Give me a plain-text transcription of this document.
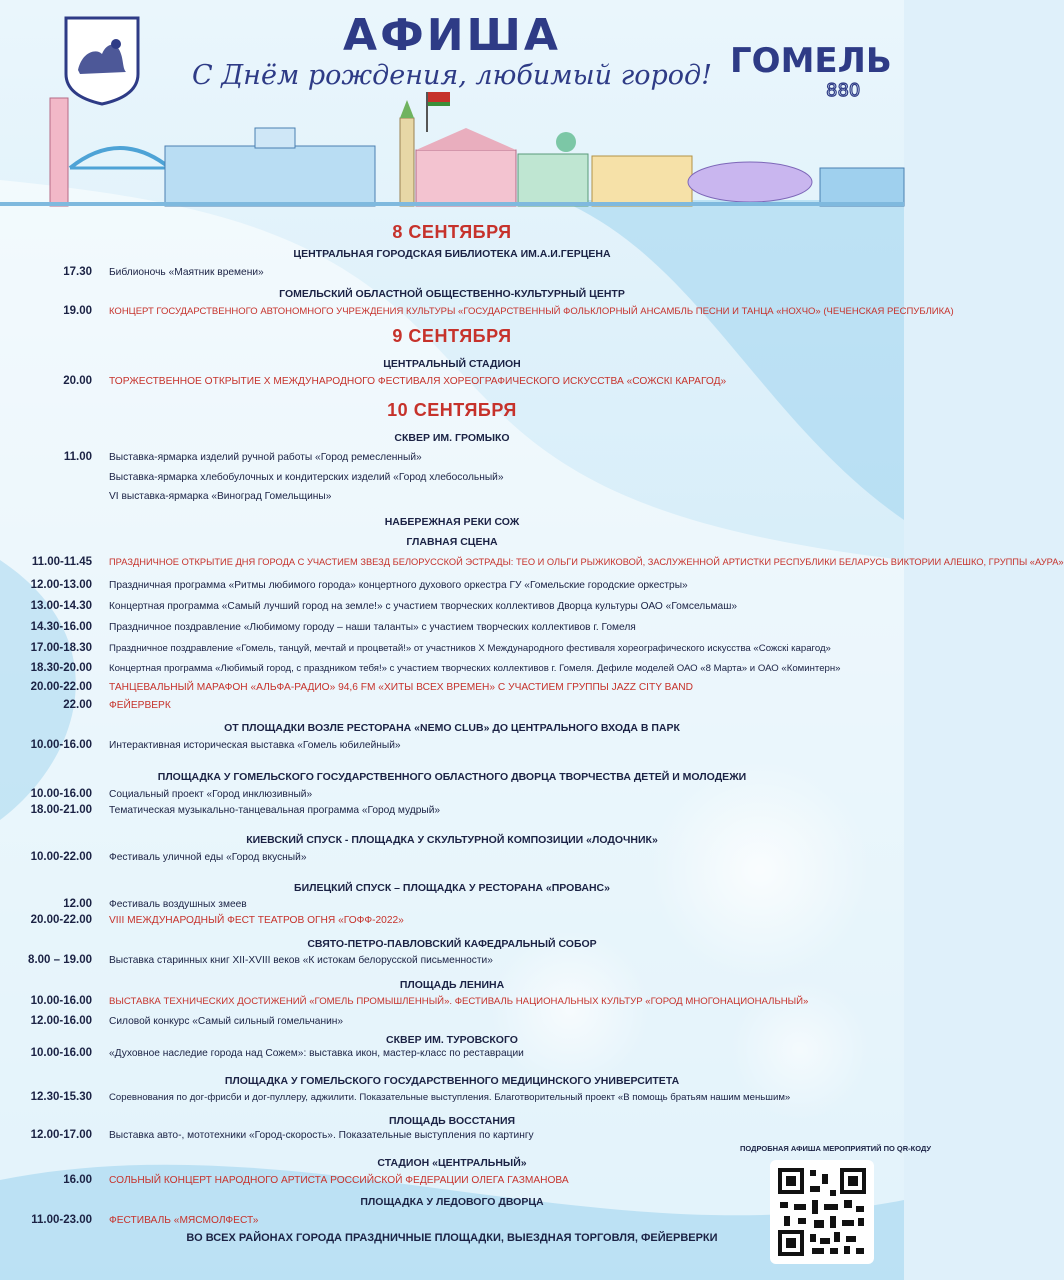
АФИША
С Днём рождения, любимый город! ГОМЕЛЬ
880
8 СЕНТЯБРЯ
ЦЕНТРАЛЬНАЯ ГОРОДСКАЯ БИБЛИОТЕКА ИМ.А.И.ГЕРЦЕНА
17.30 Библионочь «Маятник времени»
ГОМЕЛЬСКИЙ ОБЛАСТНОЙ ОБЩЕСТВЕННО-КУЛЬТУРНЫЙ ЦЕНТР
19.00 КОНЦЕРТ ГОСУДАРСТВЕННОГО АВТОНОМНОГО УЧРЕЖДЕНИЯ КУЛЬТУРЫ «ГОСУДАРСТВЕННЫЙ ФОЛЬКЛОРНЫЙ АНСАМБЛЬ ПЕСНИ И ТАНЦА «НОХЧО» (ЧЕЧЕНСКАЯ РЕСПУБЛИКА)
9 СЕНТЯБРЯ
ЦЕНТРАЛЬНЫЙ СТАДИОН
20.00 ТОРЖЕСТВЕННОЕ ОТКРЫТИЕ Х МЕЖДУНАРОДНОГО ФЕСТИВАЛЯ ХОРЕОГРАФИЧЕСКОГО ИСКУССТВА «СОЖСКІ КАРАГОД»
10 СЕНТЯБРЯ
СКВЕР ИМ. ГРОМЫКО
11.00 Выставка-ярмарка изделий ручной работы «Город ремесленный»
Выставка-ярмарка хлебобулочных и кондитерских изделий «Город хлебосольный»
VI выставка-ярмарка «Виноград Гомельщины»
НАБЕРЕЖНАЯ РЕКИ СОЖ
ГЛАВНАЯ СЦЕНА
11.00-11.45 ПРАЗДНИЧНОЕ ОТКРЫТИЕ ДНЯ ГОРОДА С УЧАСТИЕМ ЗВЕЗД БЕЛОРУССКОЙ ЭСТРАДЫ: ТЕО И ОЛЬГИ РЫЖИКОВОЙ, ЗАСЛУЖЕННОЙ АРТИСТКИ РЕСПУБЛИКИ БЕЛАРУСЬ ВИКТОРИИ АЛЕШКО, ГРУППЫ «АУРА»
12.00-13.00 Праздничная программа «Ритмы любимого города» концертного духового оркестра ГУ «Гомельские городские оркестры»
13.00-14.30 Концертная программа «Самый лучший город на земле!» с участием творческих коллективов Дворца культуры ОАО «Гомсельмаш»
14.30-16.00 Праздничное поздравление «Любимому городу – наши таланты» с участием творческих коллективов г. Гомеля
17.00-18.30 Праздничное поздравление «Гомель, танцуй, мечтай и процветай!» от участников X Международного фестиваля хореографического искусства «Сожскі карагод»
18.30-20.00 Концертная программа «Любимый город, с праздником тебя!» с участием творческих коллективов г. Гомеля. Дефиле моделей ОАО «8 Марта» и ОАО «Коминтерн»
20.00-22.00 ТАНЦЕВАЛЬНЫЙ МАРАФОН «АЛЬФА-РАДИО» 94,6 FM «ХИТЫ ВСЕХ ВРЕМЕН» С УЧАСТИЕМ ГРУППЫ JAZZ CITY BAND
22.00 ФЕЙЕРВЕРК
ОТ ПЛОЩАДКИ ВОЗЛЕ РЕСТОРАНА «NEMO CLUB» ДО ЦЕНТРАЛЬНОГО ВХОДА В ПАРК
10.00-16.00 Интерактивная историческая выставка «Гомель юбилейный»
ПЛОЩАДКА У ГОМЕЛЬСКОГО ГОСУДАРСТВЕННОГО ОБЛАСТНОГО ДВОРЦА ТВОРЧЕСТВА ДЕТЕЙ И МОЛОДЕЖИ
10.00-16.00 Социальный проект «Город инклюзивный»
18.00-21.00 Тематическая музыкально-танцевальная программа «Город мудрый»
КИЕВСКИЙ СПУСК - ПЛОЩАДКА У СКУЛЬТУРНОЙ КОМПОЗИЦИИ «ЛОДОЧНИК»
10.00-22.00 Фестиваль уличной еды «Город вкусный»
БИЛЕЦКИЙ СПУСК – ПЛОЩАДКА У РЕСТОРАНА «ПРОВАНС»
12.00 Фестиваль воздушных змеев
20.00-22.00 VIII МЕЖДУНАРОДНЫЙ ФЕСТ ТЕАТРОВ ОГНЯ «ГОФФ-2022»
СВЯТО-ПЕТРО-ПАВЛОВСКИЙ КАФЕДРАЛЬНЫЙ СОБОР
8.00 – 19.00 Выставка старинных книг XII-XVIII веков «К истокам белорусской письменности»
ПЛОЩАДЬ ЛЕНИНА
10.00-16.00 ВЫСТАВКА ТЕХНИЧЕСКИХ ДОСТИЖЕНИЙ «ГОМЕЛЬ ПРОМЫШЛЕННЫЙ». ФЕСТИВАЛЬ НАЦИОНАЛЬНЫХ КУЛЬТУР «ГОРОД МНОГОНАЦИОНАЛЬНЫЙ»
12.00-16.00 Силовой конкурс «Самый сильный гомельчанин»
СКВЕР ИМ. ТУРОВСКОГО
10.00-16.00 «Духовное наследие города над Сожем»: выставка икон, мастер-класс по реставрации
ПЛОЩАДКА У ГОМЕЛЬСКОГО ГОСУДАРСТВЕННОГО МЕДИЦИНСКОГО УНИВЕРСИТЕТА
12.30-15.30 Соревнования по дог-фрисби и дог-пуллеру, аджилити. Показательные выступления. Благотворительный проект «В помощь братьям нашим меньшим»
ПЛОЩАДЬ ВОССТАНИЯ
12.00-17.00 Выставка авто-, мототехники «Город-скорость». Показательные выступления по картингу
СТАДИОН «ЦЕНТРАЛЬНЫЙ»
16.00 СОЛЬНЫЙ КОНЦЕРТ НАРОДНОГО АРТИСТА РОССИЙСКОЙ ФЕДЕРАЦИИ ОЛЕГА ГАЗМАНОВА
ПЛОЩАДКА У ЛЕДОВОГО ДВОРЦА
11.00-23.00 ФЕСТИВАЛЬ «МЯСМОЛФЕСТ»
ВО ВСЕХ РАЙОНАХ ГОРОДА ПРАЗДНИЧНЫЕ ПЛОЩАДКИ, ВЫЕЗДНАЯ ТОРГОВЛЯ, ФЕЙЕРВЕРКИ
ПОДРОБНАЯ АФИША МЕРОПРИЯТИЙ ПО QR-КОДУ
